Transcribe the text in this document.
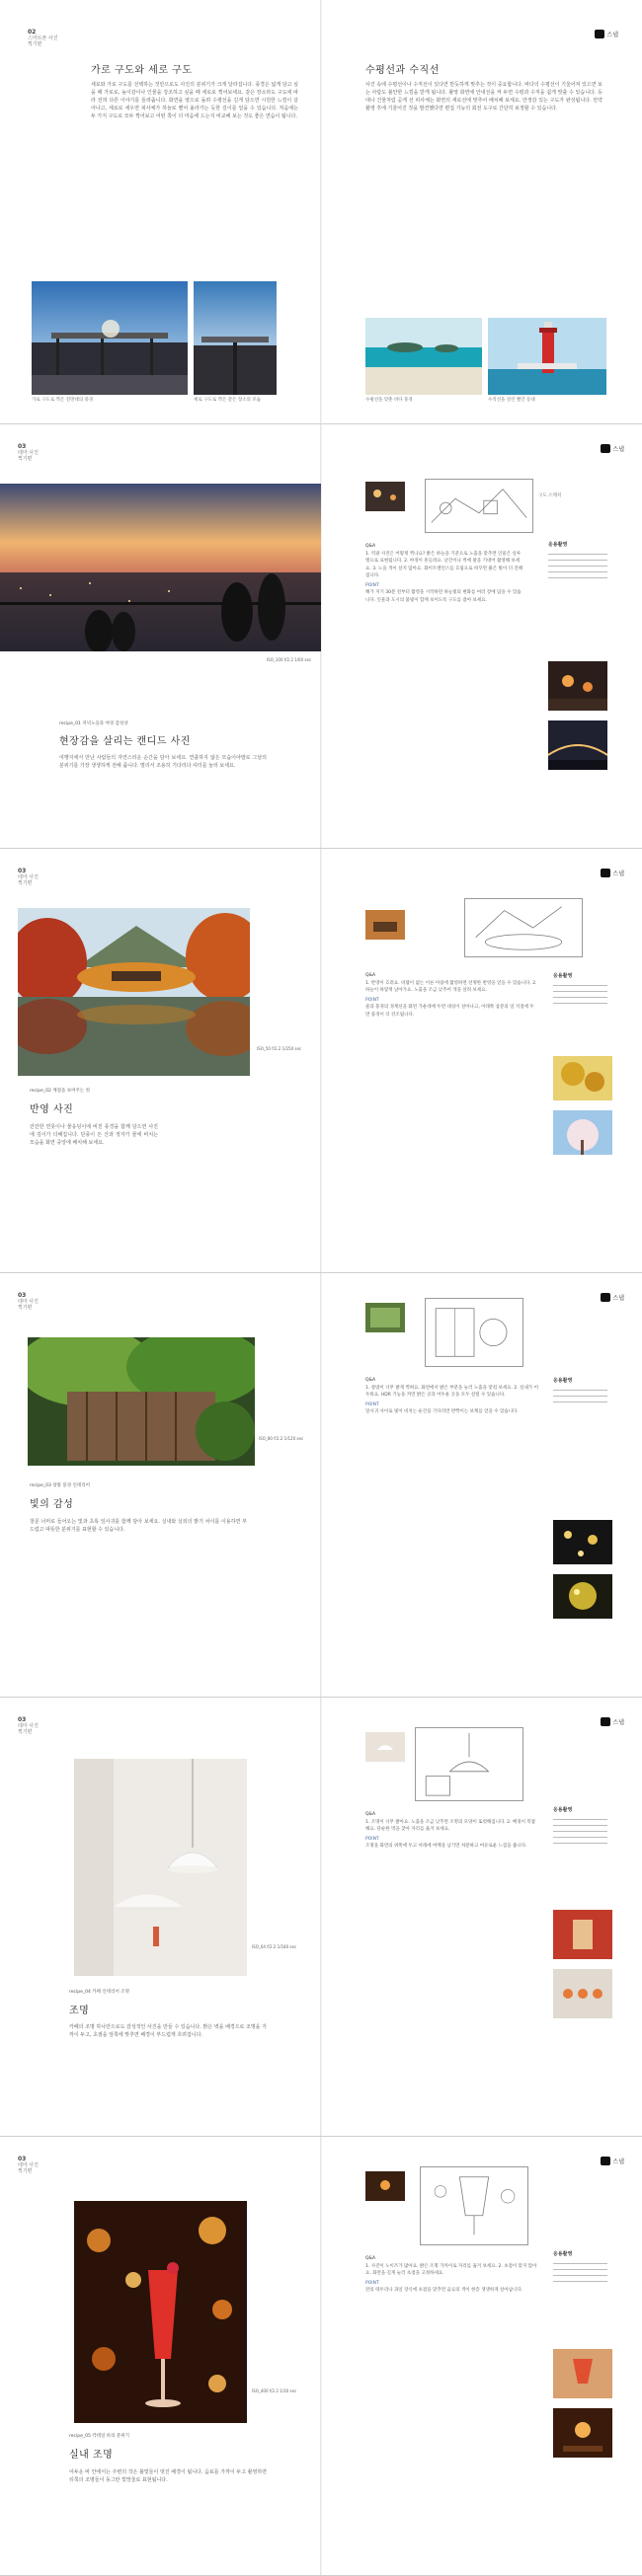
02
스마트폰 사진
찍기편
스냅
가로 구도와 세로 구도
세로와 가로 구도를 선택하는 것만으로도 사진의 분위기가 크게 달라집니다. 풍경은 넓게 담고 싶을 때 가로로, 높이감이나 인물을 강조하고 싶을 때 세로로 찍어보세요. 같은 장소라도 구도에 따라 전혀 다른 이야기를 들려줍니다. 화면을 옆으로 돌려 수평선을 길게 담으면 시원한 느낌이 살아나고, 세로로 세우면 피사체가 하늘로 뻗어 올라가는 듯한 깊이를 얻을 수 있습니다. 처음에는 두 가지 구도로 모두 찍어보고 어떤 쪽이 더 마음에 드는지 비교해 보는 것도 좋은 연습이 됩니다.
가로 구도로 찍은 전망대의 풍경	세로 구도로 찍은 같은 장소의 모습
수평선과 수직선
사진 속에 수평선이나 수직선이 있다면 반듯하게 맞추는 것이 중요합니다. 바다의 수평선이 기울어져 있으면 보는 사람도 불안한 느낌을 받게 됩니다. 촬영 화면에 안내선을 켜 두면 수평과 수직을 쉽게 맞출 수 있습니다. 등대나 건물처럼 곧게 선 피사체는 화면의 세로선에 맞추어 배치해 보세요. 안정감 있는 구도가 완성됩니다. 만약 촬영 후에 기울어진 것을 발견했다면 편집 기능의 회전 도구로 간단히 보정할 수 있습니다.
수평선을 맞춘 바다 풍경	수직선을 살린 빨간 등대
03
테마 사진
찍기편
스냅
ISO_100 f/2.2 1/60 sec
recipe_01 저녁노을과 야경 감성샷
현장감을 살리는 캔디드 사진
여행지에서 만난 사람들의 자연스러운 순간을 담아 보세요. 연출하지 않은 모습이야말로 그날의 분위기를 가장 생생하게 전해 줍니다. 멀리서 조용히 기다리다 셔터를 눌러 보세요.
구도 스케치
Q&A
1. 역광 사진은 어떻게 찍나요? 밝은 하늘을 기준으로 노출을 맞추면 인물은 실루엣으로 표현됩니다. 2. 야경이 흔들려요. 난간이나 벽에 팔을 기대어 촬영해 보세요. 3. 노을 색이 살지 않아요. 화이트밸런스를 흐림으로 바꾸면 붉은 빛이 더 진해집니다.
POINT
해가 지기 30분 전부터 촬영을 시작하면 하늘빛의 변화를 여러 장에 담을 수 있습니다. 인물과 도시의 불빛이 함께 보이도록 구도를 잡아 보세요.
응용촬영
03
테마 사진
찍기편
스냅
ISO_50 f/2.2 1/250 sec
recipe_02 계절을 보여주는 컷
반영 사진
잔잔한 연못이나 물웅덩이에 비친 풍경을 함께 담으면 사진에 깊이가 더해집니다. 단풍이 든 산과 정자가 물에 비치는 모습을 화면 중앙에 배치해 보세요.
Q&A
1. 반영이 흐려요. 바람이 없는 이른 아침에 촬영하면 선명한 반영을 얻을 수 있습니다. 2. 하늘이 하얗게 날아가요. 노출을 조금 낮추어 색을 살려 보세요.
POINT
물과 풍경의 경계선을 화면 가운데에 두면 대칭이 살아나고, 아래쪽 삼분의 일 지점에 두면 풍경이 더 강조됩니다.
응용촬영
03
테마 사진
찍기편
스냅
ISO_80 f/2.2 1/120 sec
recipe_03 창밖 풍경 인테리어
빛의 감성
창문 너머로 들어오는 빛과 초록 잎사귀를 함께 담아 보세요. 실내와 실외의 밝기 차이를 이용하면 부드럽고 따뜻한 분위기를 표현할 수 있습니다.
Q&A
1. 창밖이 너무 밝게 찍혀요. 화면에서 밝은 부분을 눌러 노출을 맞춰 보세요. 2. 실내가 어두워요. HDR 기능을 켜면 밝은 곳과 어두운 곳을 모두 살릴 수 있습니다.
POINT
잎사귀 사이로 빛이 비치는 순간을 기다리면 반짝이는 보케를 얻을 수 있습니다.
응용촬영
03
테마 사진
찍기편
스냅
ISO_64 f/2.2 1/180 sec
recipe_04 카페 인테리어 조명
조명
카페의 조명 하나만으로도 감성적인 사진을 만들 수 있습니다. 밝은 벽을 배경으로 조명을 가까이 두고, 초점을 앞쪽에 맞추면 배경이 부드럽게 흐려집니다.
Q&A
1. 조명이 너무 밝아요. 노출을 조금 낮추면 조명의 모양이 또렷해집니다. 2. 배경이 복잡해요. 단순한 벽을 찾아 자리를 옮겨 보세요.
POINT
조명을 화면의 위쪽에 두고 아래에 여백을 남기면 차분하고 여유로운 느낌을 줍니다.
응용촬영
03
테마 사진
찍기편
스냅
ISO_400 f/2.2 1/30 sec
recipe_05 칵테일 바의 분위기
실내 조명
어두운 바 안에서는 주변의 작은 불빛들이 멋진 배경이 됩니다. 음료를 가까이 두고 촬영하면 뒤쪽의 조명들이 동그란 빛망울로 표현됩니다.
Q&A
1. 사진이 노이즈가 많아요. 밝은 조명 가까이로 자리를 옮겨 보세요. 2. 초점이 맞지 않아요. 화면을 길게 눌러 초점을 고정하세요.
POINT
잔의 테두리나 과일 장식에 초점을 맞추면 음료의 색이 한층 생생하게 살아납니다.
응용촬영
